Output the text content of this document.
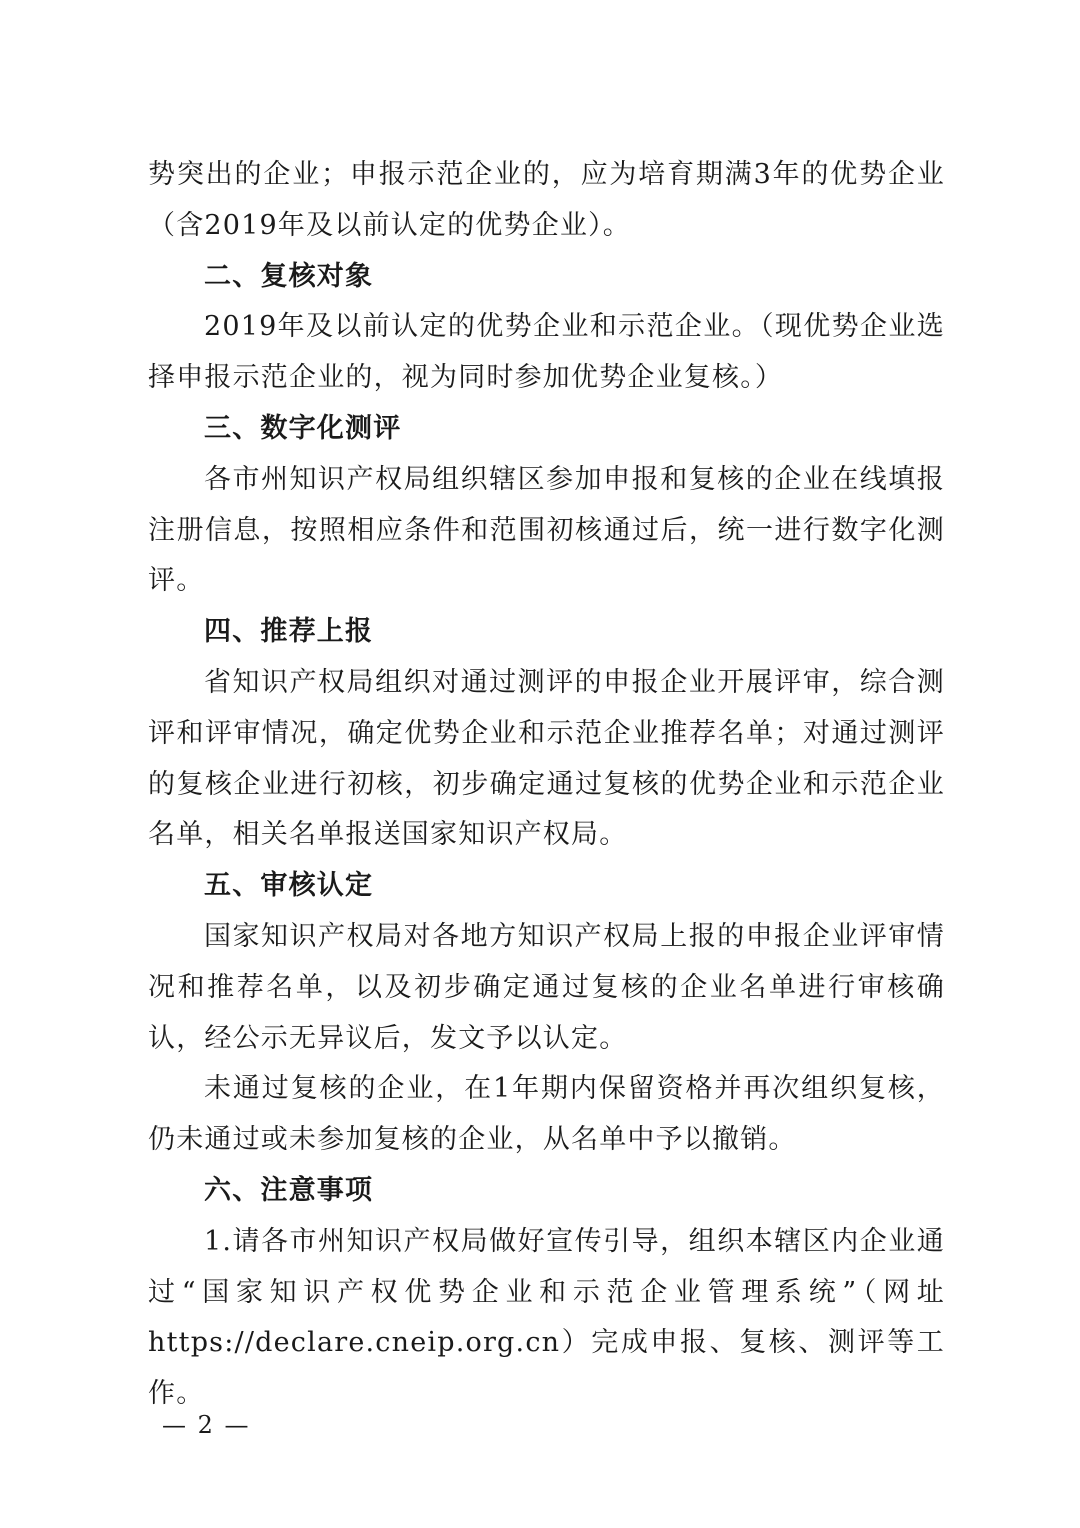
势突出的企业；申报示范企业的，应为培育期满3年的优势企业（含2019年及以前认定的优势企业）。

二、复核对象

2019年及以前认定的优势企业和示范企业。（现优势企业选择申报示范企业的，视为同时参加优势企业复核。）

三、数字化测评

各市州知识产权局组织辖区参加申报和复核的企业在线填报注册信息，按照相应条件和范围初核通过后，统一进行数字化测评。

四、推荐上报

省知识产权局组织对通过测评的申报企业开展评审，综合测评和评审情况，确定优势企业和示范企业推荐名单；对通过测评的复核企业进行初核，初步确定通过复核的优势企业和示范企业名单，相关名单报送国家知识产权局。

五、审核认定

国家知识产权局对各地方知识产权局上报的申报企业评审情况和推荐名单，以及初步确定通过复核的企业名单进行审核确认，经公示无异议后，发文予以认定。

未通过复核的企业，在1年期内保留资格并再次组织复核，仍未通过或未参加复核的企业，从名单中予以撤销。

六、注意事项

1.请各市州知识产权局做好宣传引导，组织本辖区内企业通过“国家知识产权优势企业和示范企业管理系统”（网址https://declare.cneip.org.cn）完成申报、复核、测评等工作。

— 2 —
